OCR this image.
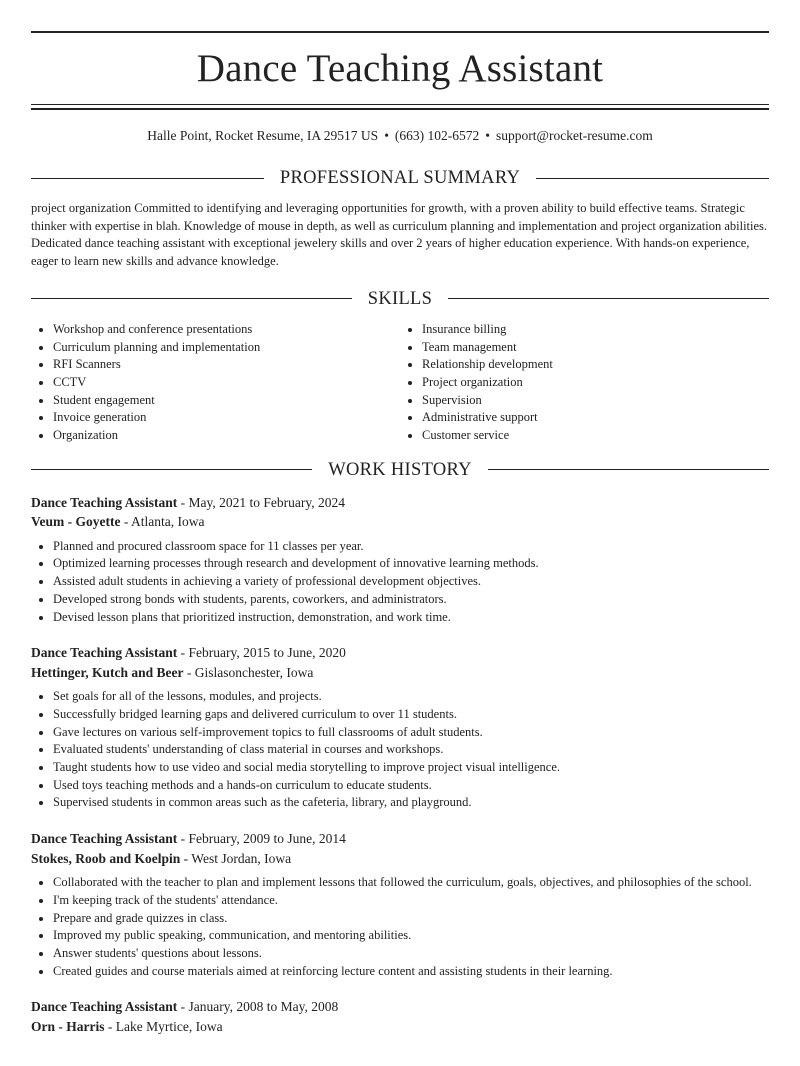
Dance Teaching Assistant
Halle Point, Rocket Resume, IA 29517 US • (663) 102-6572 • support@rocket-resume.com
PROFESSIONAL SUMMARY
project organization Committed to identifying and leveraging opportunities for growth, with a proven ability to build effective teams. Strategic thinker with expertise in blah. Knowledge of mouse in depth, as well as curriculum planning and implementation and project organization abilities. Dedicated dance teaching assistant with exceptional jewelery skills and over 2 years of higher education experience. With hands-on experience, eager to learn new skills and advance knowledge.
SKILLS
• Workshop and conference presentations
• Curriculum planning and implementation
• RFI Scanners
• CCTV
• Student engagement
• Invoice generation
• Organization
• Insurance billing
• Team management
• Relationship development
• Project organization
• Supervision
• Administrative support
• Customer service
WORK HISTORY
Dance Teaching Assistant - May, 2021 to February, 2024
Veum - Goyette - Atlanta, Iowa
• Planned and procured classroom space for 11 classes per year.
• Optimized learning processes through research and development of innovative learning methods.
• Assisted adult students in achieving a variety of professional development objectives.
• Developed strong bonds with students, parents, coworkers, and administrators.
• Devised lesson plans that prioritized instruction, demonstration, and work time.
Dance Teaching Assistant - February, 2015 to June, 2020
Hettinger, Kutch and Beer - Gislasonchester, Iowa
• Set goals for all of the lessons, modules, and projects.
• Successfully bridged learning gaps and delivered curriculum to over 11 students.
• Gave lectures on various self-improvement topics to full classrooms of adult students.
• Evaluated students' understanding of class material in courses and workshops.
• Taught students how to use video and social media storytelling to improve project visual intelligence.
• Used toys teaching methods and a hands-on curriculum to educate students.
• Supervised students in common areas such as the cafeteria, library, and playground.
Dance Teaching Assistant - February, 2009 to June, 2014
Stokes, Roob and Koelpin - West Jordan, Iowa
• Collaborated with the teacher to plan and implement lessons that followed the curriculum, goals, objectives, and philosophies of the school.
• I'm keeping track of the students' attendance.
• Prepare and grade quizzes in class.
• Improved my public speaking, communication, and mentoring abilities.
• Answer students' questions about lessons.
• Created guides and course materials aimed at reinforcing lecture content and assisting students in their learning.
Dance Teaching Assistant - January, 2008 to May, 2008
Orn - Harris - Lake Myrtice, Iowa
